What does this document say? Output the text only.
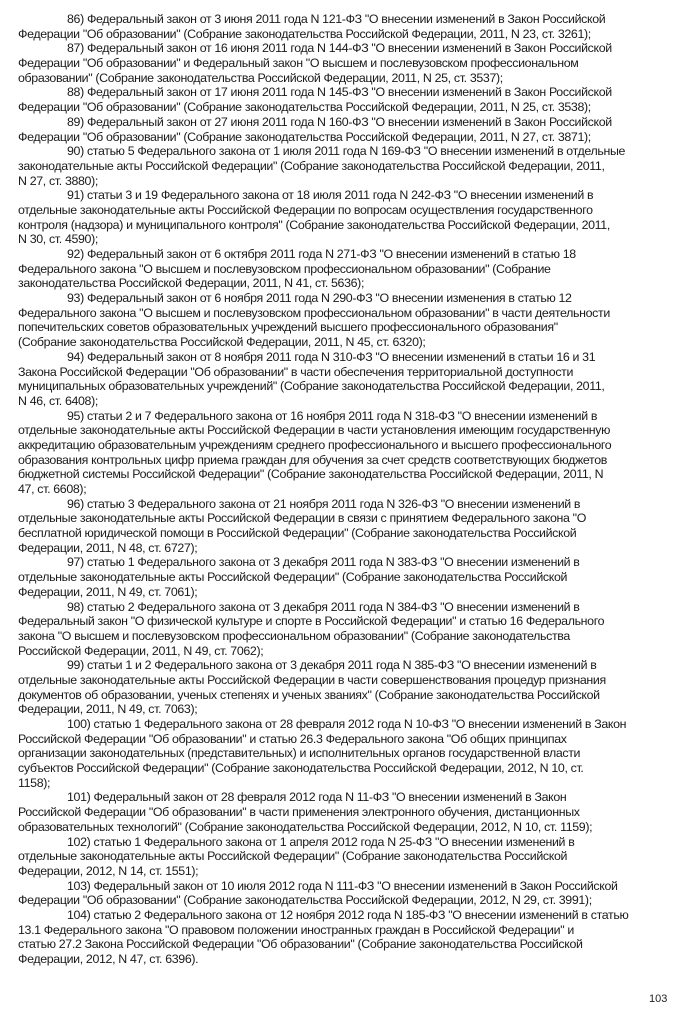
86) Федеральный закон от 3 июня 2011 года N 121-ФЗ "О внесении изменений в Закон Российской
Федерации "Об образовании" (Собрание законодательства Российской Федерации, 2011, N 23, ст. 3261);
87) Федеральный закон от 16 июня 2011 года N 144-ФЗ "О внесении изменений в Закон Российской
Федерации "Об образовании" и Федеральный закон "О высшем и послевузовском профессиональном
образовании" (Собрание законодательства Российской Федерации, 2011, N 25, ст. 3537);
88) Федеральный закон от 17 июня 2011 года N 145-ФЗ "О внесении изменений в Закон Российской
Федерации "Об образовании" (Собрание законодательства Российской Федерации, 2011, N 25, ст. 3538);
89) Федеральный закон от 27 июня 2011 года N 160-ФЗ "О внесении изменений в Закон Российской
Федерации "Об образовании" (Собрание законодательства Российской Федерации, 2011, N 27, ст. 3871);
90) статью 5 Федерального закона от 1 июля 2011 года N 169-ФЗ "О внесении изменений в отдельные
законодательные акты Российской Федерации" (Собрание законодательства Российской Федерации, 2011,
N 27, ст. 3880);
91) статьи 3 и 19 Федерального закона от 18 июля 2011 года N 242-ФЗ "О внесении изменений в
отдельные законодательные акты Российской Федерации по вопросам осуществления государственного
контроля (надзора) и муниципального контроля" (Собрание законодательства Российской Федерации, 2011,
N 30, ст. 4590);
92) Федеральный закон от 6 октября 2011 года N 271-ФЗ "О внесении изменений в статью 18
Федерального закона "О высшем и послевузовском профессиональном образовании" (Собрание
законодательства Российской Федерации, 2011, N 41, ст. 5636);
93) Федеральный закон от 6 ноября 2011 года N 290-ФЗ "О внесении изменения в статью 12
Федерального закона "О высшем и послевузовском профессиональном образовании" в части деятельности
попечительских советов образовательных учреждений высшего профессионального образования"
(Собрание законодательства Российской Федерации, 2011, N 45, ст. 6320);
94) Федеральный закон от 8 ноября 2011 года N 310-ФЗ "О внесении изменений в статьи 16 и 31
Закона Российской Федерации "Об образовании" в части обеспечения территориальной доступности
муниципальных образовательных учреждений" (Собрание законодательства Российской Федерации, 2011,
N 46, ст. 6408);
95) статьи 2 и 7 Федерального закона от 16 ноября 2011 года N 318-ФЗ "О внесении изменений в
отдельные законодательные акты Российской Федерации в части установления имеющим государственную
аккредитацию образовательным учреждениям среднего профессионального и высшего профессионального
образования контрольных цифр приема граждан для обучения за счет средств соответствующих бюджетов
бюджетной системы Российской Федерации" (Собрание законодательства Российской Федерации, 2011, N
47, ст. 6608);
96) статью 3 Федерального закона от 21 ноября 2011 года N 326-ФЗ "О внесении изменений в
отдельные законодательные акты Российской Федерации в связи с принятием Федерального закона "О
бесплатной юридической помощи в Российской Федерации" (Собрание законодательства Российской
Федерации, 2011, N 48, ст. 6727);
97) статью 1 Федерального закона от 3 декабря 2011 года N 383-ФЗ "О внесении изменений в
отдельные законодательные акты Российской Федерации" (Собрание законодательства Российской
Федерации, 2011, N 49, ст. 7061);
98) статью 2 Федерального закона от 3 декабря 2011 года N 384-ФЗ "О внесении изменений в
Федеральный закон "О физической культуре и спорте в Российской Федерации" и статью 16 Федерального
закона "О высшем и послевузовском профессиональном образовании" (Собрание законодательства
Российской Федерации, 2011, N 49, ст. 7062);
99) статьи 1 и 2 Федерального закона от 3 декабря 2011 года N 385-ФЗ "О внесении изменений в
отдельные законодательные акты Российской Федерации в части совершенствования процедур признания
документов об образовании, ученых степенях и ученых званиях" (Собрание законодательства Российской
Федерации, 2011, N 49, ст. 7063);
100) статью 1 Федерального закона от 28 февраля 2012 года N 10-ФЗ "О внесении изменений в Закон
Российской Федерации "Об образовании" и статью 26.3 Федерального закона "Об общих принципах
организации законодательных (представительных) и исполнительных органов государственной власти
субъектов Российской Федерации" (Собрание законодательства Российской Федерации, 2012, N 10, ст.
1158);
101) Федеральный закон от 28 февраля 2012 года N 11-ФЗ "О внесении изменений в Закон
Российской Федерации "Об образовании" в части применения электронного обучения, дистанционных
образовательных технологий" (Собрание законодательства Российской Федерации, 2012, N 10, ст. 1159);
102) статью 1 Федерального закона от 1 апреля 2012 года N 25-ФЗ "О внесении изменений в
отдельные законодательные акты Российской Федерации" (Собрание законодательства Российской
Федерации, 2012, N 14, ст. 1551);
103) Федеральный закон от 10 июля 2012 года N 111-ФЗ "О внесении изменений в Закон Российской
Федерации "Об образовании" (Собрание законодательства Российской Федерации, 2012, N 29, ст. 3991);
104) статью 2 Федерального закона от 12 ноября 2012 года N 185-ФЗ "О внесении изменений в статью
13.1 Федерального закона "О правовом положении иностранных граждан в Российской Федерации" и
статью 27.2 Закона Российской Федерации "Об образовании" (Собрание законодательства Российской
Федерации, 2012, N 47, ст. 6396).
103
